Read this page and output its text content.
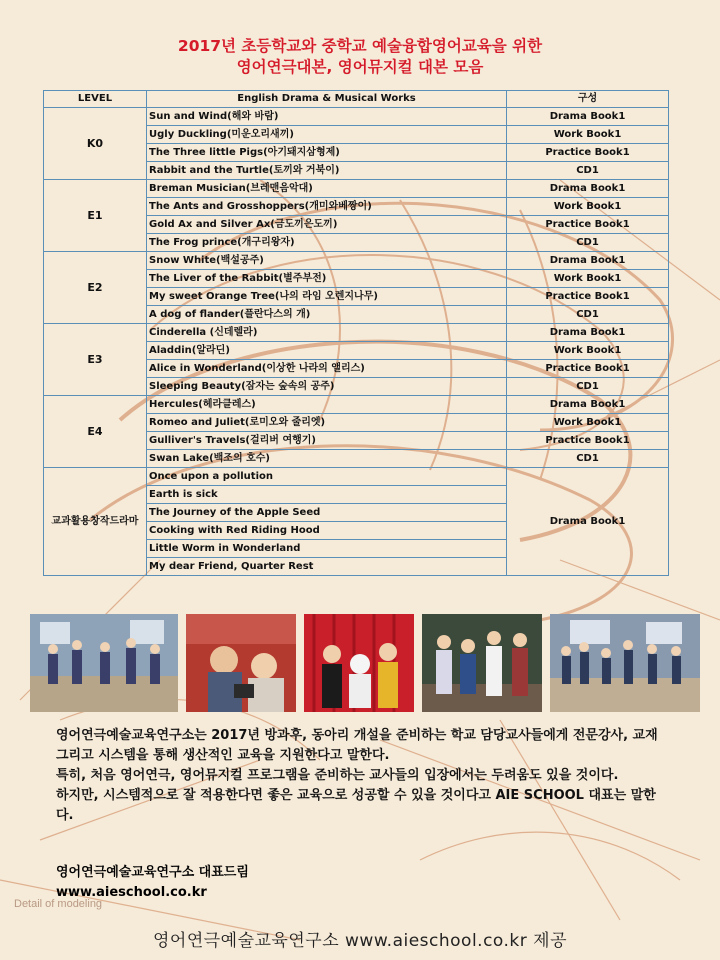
2017년 초등학교와 중학교 예술융합영어교육을 위한
영어연극대본, 영어뮤지컬 대본 모음
LEVEL	English Drama & Musical Works	구성
K0	Sun and Wind(해와 바람)	Drama Book1
	Ugly Duckling(미운오리새끼)	Work Book1
	The Three little Pigs(아기돼지삼형제)	Practice Book1
	Rabbit and the Turtle(토끼와 거북이)	CD1
E1	Breman Musician(브레맨음악대)	Drama Book1
	The Ants and Grosshoppers(개미와베짱이)	Work Book1
	Gold Ax and Silver Ax(금도끼은도끼)	Practice Book1
	The Frog prince(개구리왕자)	CD1
E2	Snow White(백설공주)	Drama Book1
	The Liver of the Rabbit(별주부전)	Work Book1
	My sweet Orange Tree(나의 라임 오렌지나무)	Practice Book1
	A dog of flander(플란다스의 개)	CD1
E3	Cinderella (신데렐라)	Drama Book1
	Aladdin(알라딘)	Work Book1
	Alice in Wonderland(이상한 나라의 앨리스)	Practice Book1
	Sleeping Beauty(잠자는 숲속의 공주)	CD1
E4	Hercules(헤라클레스)	Drama Book1
	Romeo and Juliet(로미오와 줄리엣)	Work Book1
	Gulliver's Travels(걸리버 여행기)	Practice Book1
	Swan Lake(백조의 호수)	CD1
교과활용창작드라마	Once upon a pollution	Drama Book1
	Earth is sick	
	The Journey of the Apple Seed	
	Cooking with Red Riding Hood	
	Little Worm in Wonderland	
	My dear Friend, Quarter Rest	

영어연극예술교육연구소는 2017년 방과후, 동아리 개설을 준비하는 학교 담당교사들에게 전문강사, 교재 그리고 시스템을 통해 생산적인 교육을 지원한다고 말한다.

특히, 처음 영어연극, 영어뮤지컬 프로그램을 준비하는 교사들의 입장에서는 두려움도 있을 것이다.

하지만, 시스템적으로 잘 적용한다면 좋은 교육으로 성공할 수 있을 것이다고 AIE SCHOOL 대표는 말한다.

영어연극예술교육연구소 대표드림
www.aieschool.co.kr
Detail of modeling
영어연극예술교육연구소 www.aieschool.co.kr 제공
